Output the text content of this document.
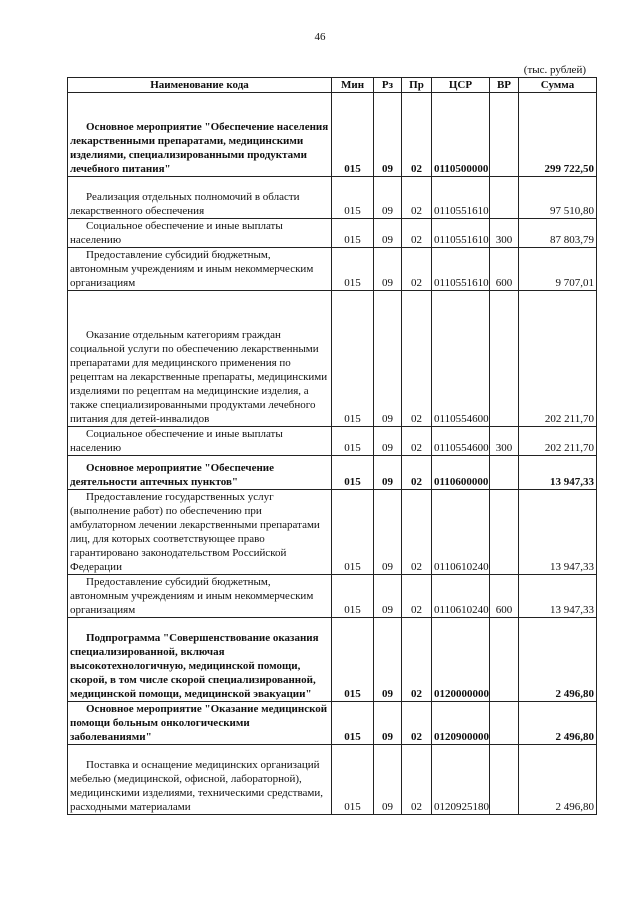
46
(тыс. рублей)
Наименование кода	Мин	Рз	Пр	ЦСР	ВР	Сумма
Основное мероприятие "Обеспечение населения лекарственными препаратами, медицинскими изделиями, специализированными продуктами лечебного питания"	015	09	02	0110500000		299 722,50
Реализация отдельных полномочий в области лекарственного обеспечения	015	09	02	0110551610		97 510,80
Социальное обеспечение и иные выплаты населению	015	09	02	0110551610	300	87 803,79
Предоставление субсидий бюджетным, автономным учреждениям и иным некоммерческим организациям	015	09	02	0110551610	600	9 707,01
Оказание отдельным категориям граждан социальной услуги по обеспечению лекарственными препаратами для медицинского применения по рецептам на лекарственные препараты, медицинскими изделиями по рецептам на медицинские изделия, а также специализированными продуктами лечебного питания для детей-инвалидов	015	09	02	0110554600		202 211,70
Социальное обеспечение и иные выплаты населению	015	09	02	0110554600	300	202 211,70
Основное мероприятие "Обеспечение деятельности аптечных пунктов"	015	09	02	0110600000		13 947,33
Предоставление государственных услуг (выполнение работ) по обеспечению при амбулаторном лечении лекарственными препаратами лиц, для которых соответствующее право гарантировано законодательством Российской Федерации	015	09	02	0110610240		13 947,33
Предоставление субсидий бюджетным, автономным учреждениям и иным некоммерческим организациям	015	09	02	0110610240	600	13 947,33
Подпрограмма "Совершенствование оказания специализированной, включая высокотехнологичную, медицинской помощи, скорой, в том числе скорой специализированной, медицинской помощи, медицинской эвакуации"	015	09	02	0120000000		2 496,80
Основное мероприятие "Оказание медицинской помощи больным онкологическими заболеваниями"	015	09	02	0120900000		2 496,80
Поставка и оснащение медицинских организаций мебелью (медицинской, офисной, лабораторной), медицинскими изделиями, техническими средствами, расходными материалами	015	09	02	0120925180		2 496,80
